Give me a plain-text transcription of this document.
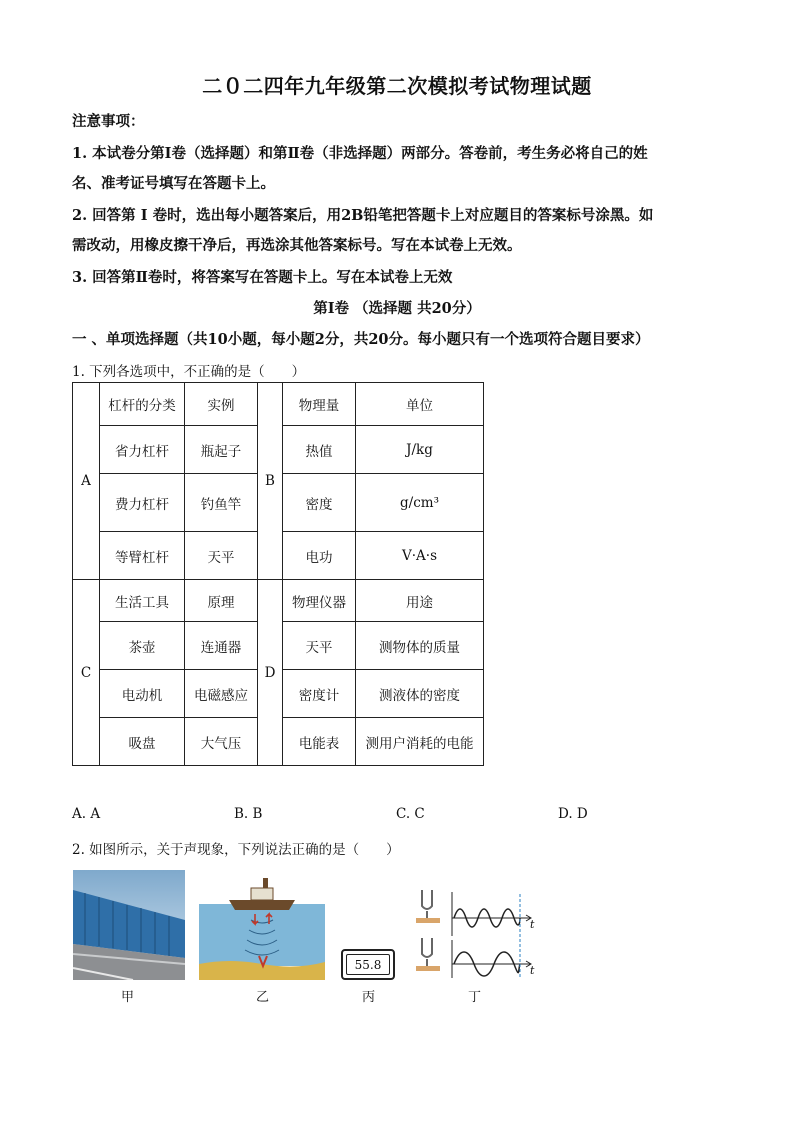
二０二四年九年级第二次模拟考试物理试题
注意事项：
1. 本试卷分第Ⅰ卷（选择题）和第Ⅱ卷（非选择题）两部分。答卷前，考生务必将自己的姓
名、准考证号填写在答题卡上。
2. 回答第 Ⅰ 卷时，选出每小题答案后，用2B铅笔把答题卡上对应题目的答案标号涂黑。如
需改动，用橡皮擦干净后，再选涂其他答案标号。写在本试卷上无效。
3. 回答第Ⅱ卷时，将答案写在答题卡上。写在本试卷上无效
第Ⅰ卷 （选择题 共20分）
一 、单项选择题（共10小题，每小题2分，共20分。每小题只有一个选项符合题目要求）
1. 下列各选项中，不正确的是（　　）
A	杠杆的分类	实例	B	物理量	单位
	省力杠杆	瓶起子		热值	J/kg
	费力杠杆	钓鱼竿		密度	g/cm³
	等臂杠杆	天平		电功	V·A·s
C	生活工具	原理	D	物理仪器	用途
	茶壶	连通器		天平	测物体的质量
	电动机	电磁感应		密度计	测液体的密度
	吸盘	大气压		电能表	测用户消耗的电能
A. A	B. B	C. C	D. D
2. 如图所示，关于声现象，下列说法正确的是（　　）
55.8
t
t
甲	乙	丙	丁
